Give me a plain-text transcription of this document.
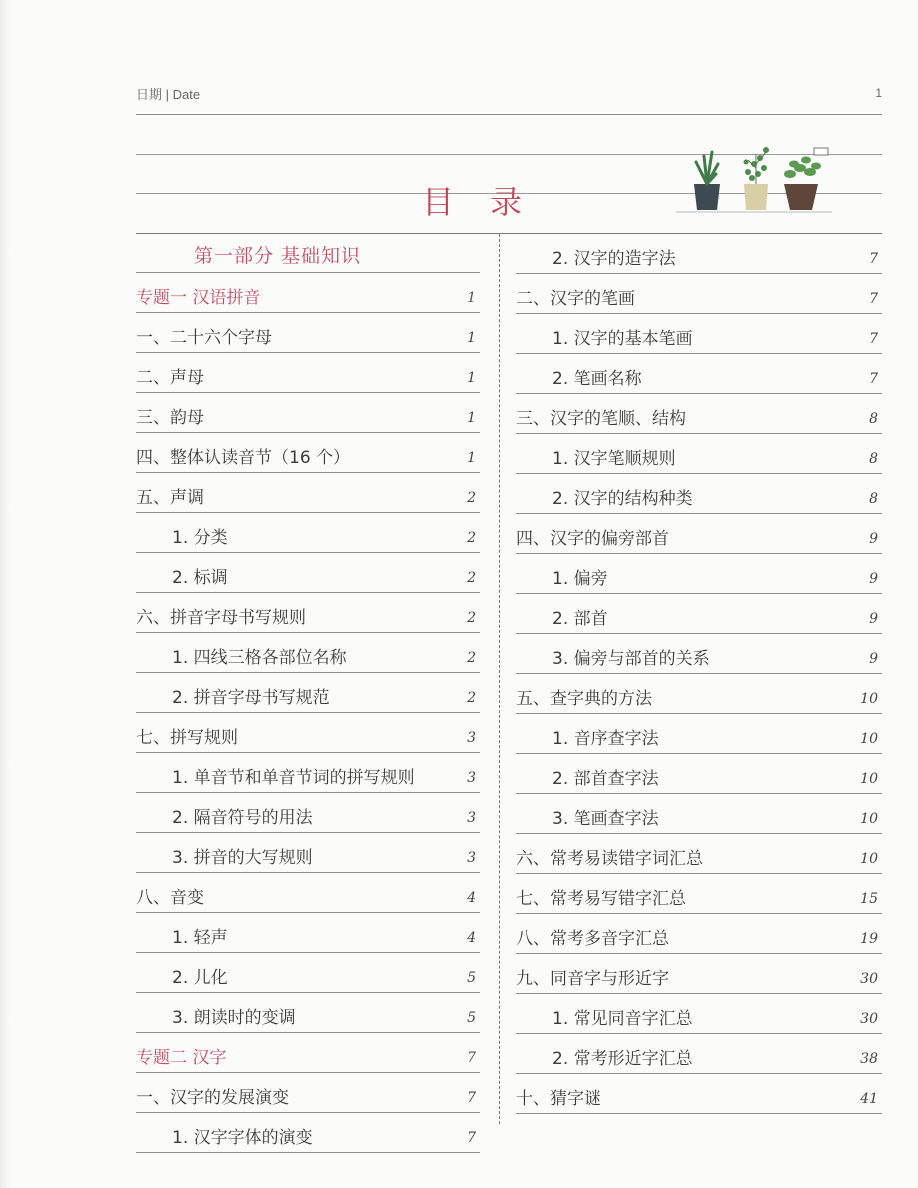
日期 | Date	1
目录
第一部分 基础知识
专题一 汉语拼音	1
一、二十六个字母	1
二、声母	1
三、韵母	1
四、整体认读音节（16 个）	1
五、声调	2
1. 分类	2
2. 标调	2
六、拼音字母书写规则	2
1. 四线三格各部位名称	2
2. 拼音字母书写规范	2
七、拼写规则	3
1. 单音节和单音节词的拼写规则	3
2. 隔音符号的用法	3
3. 拼音的大写规则	3
八、音变	4
1. 轻声	4
2. 儿化	5
3. 朗读时的变调	5
专题二 汉字	7
一、汉字的发展演变	7
1. 汉字字体的演变	7
2. 汉字的造字法	7
二、汉字的笔画	7
1. 汉字的基本笔画	7
2. 笔画名称	7
三、汉字的笔顺、结构	8
1. 汉字笔顺规则	8
2. 汉字的结构种类	8
四、汉字的偏旁部首	9
1. 偏旁	9
2. 部首	9
3. 偏旁与部首的关系	9
五、查字典的方法	10
1. 音序查字法	10
2. 部首查字法	10
3. 笔画查字法	10
六、常考易读错字词汇总	10
七、常考易写错字汇总	15
八、常考多音字汇总	19
九、同音字与形近字	30
1. 常见同音字汇总	30
2. 常考形近字汇总	38
十、猜字谜	41
